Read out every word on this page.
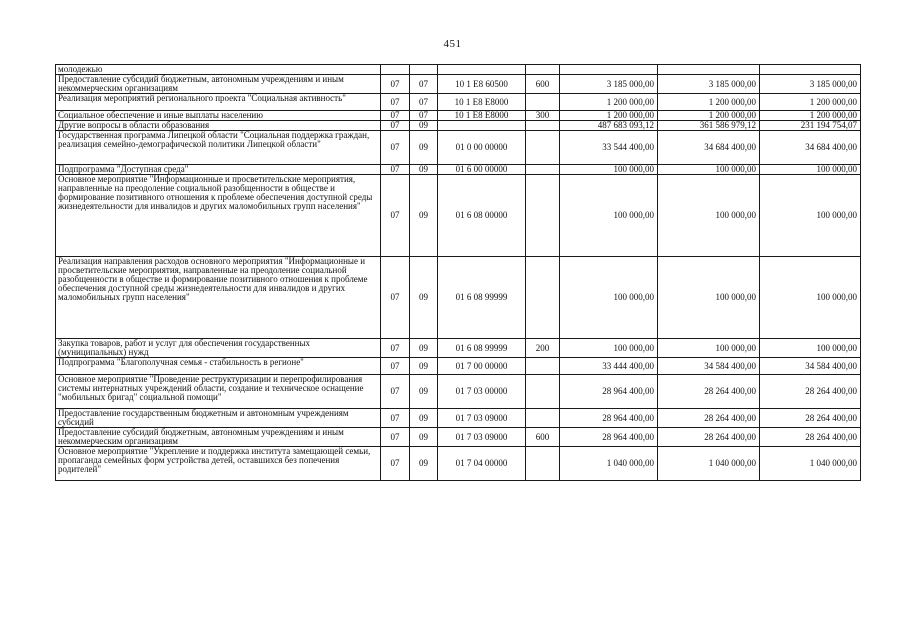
451
молодежью							
Предоставление субсидий бюджетным, автономным учреждениям и иным некоммерческим организациям	07	07	10 1 E8 60500	600	3 185 000,00	3 185 000,00	3 185 000,00
Реализация мероприятий регионального проекта "Социальная активность"	07	07	10 1 E8 E8000		1 200 000,00	1 200 000,00	1 200 000,00
Социальное обеспечение и иные выплаты населению	07	07	10 1 E8 E8000	300	1 200 000,00	1 200 000,00	1 200 000,00
Другие вопросы в области образования	07	09			487 683 093,12	361 586 979,12	231 194 754,07
Государственная программа Липецкой области "Социальная поддержка граждан, реализация семейно-демографической политики Липецкой области"	07	09	01 0 00 00000		33 544 400,00	34 684 400,00	34 684 400,00
Подпрограмма "Доступная среда"	07	09	01 6 00 00000		100 000,00	100 000,00	100 000,00
Основное мероприятие "Информационные и просветительские мероприятия, направленные на преодоление социальной разобщенности в обществе и формирование позитивного отношения к проблеме обеспечения доступной среды жизнедеятельности для инвалидов и других маломобильных групп населения"	07	09	01 6 08 00000		100 000,00	100 000,00	100 000,00
Реализация направления расходов основного мероприятия "Информационные и просветительские мероприятия, направленные на преодоление социальной разобщенности в обществе и формирование позитивного отношения к проблеме обеспечения доступной среды жизнедеятельности для инвалидов и других маломобильных групп населения"	07	09	01 6 08 99999		100 000,00	100 000,00	100 000,00
Закупка товаров, работ и услуг для обеспечения государственных (муниципальных) нужд	07	09	01 6 08 99999	200	100 000,00	100 000,00	100 000,00
Подпрограмма "Благополучная семья - стабильность в регионе"	07	09	01 7 00 00000		33 444 400,00	34 584 400,00	34 584 400,00
Основное мероприятие "Проведение реструктуризации и перепрофилирования системы интернатных учреждений области, создание и техническое оснащение "мобильных бригад" социальной помощи"	07	09	01 7 03 00000		28 964 400,00	28 264 400,00	28 264 400,00
Предоставление государственным бюджетным и автономным учреждениям субсидий	07	09	01 7 03 09000		28 964 400,00	28 264 400,00	28 264 400,00
Предоставление субсидий бюджетным, автономным учреждениям и иным некоммерческим организациям	07	09	01 7 03 09000	600	28 964 400,00	28 264 400,00	28 264 400,00
Основное мероприятие "Укрепление и поддержка института замещающей семьи, пропаганда семейных форм устройства детей, оставшихся без попечения родителей"	07	09	01 7 04 00000		1 040 000,00	1 040 000,00	1 040 000,00
